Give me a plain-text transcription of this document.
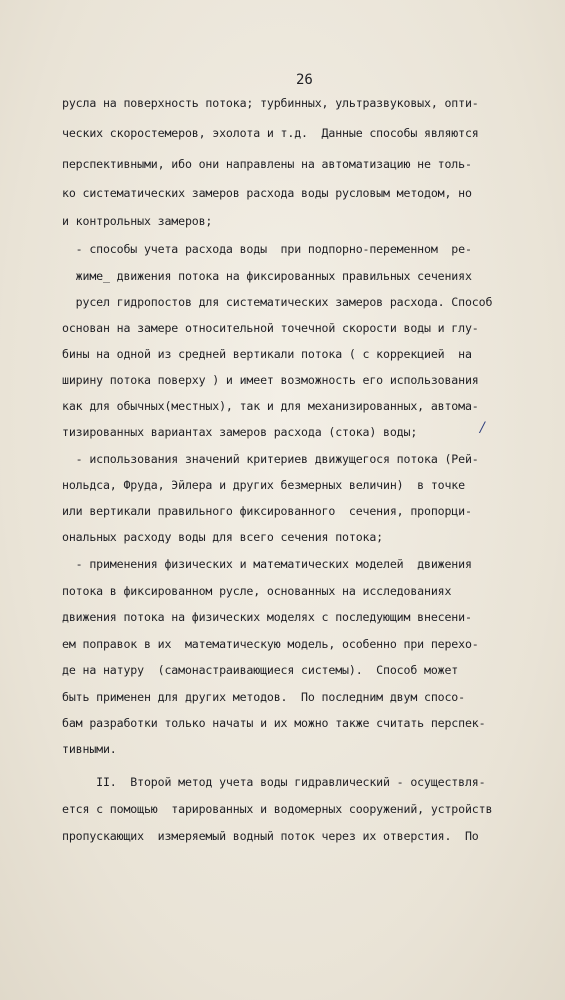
26
русла на поверхность потока; турбинных, ультразвуковых, опти-
ческих скоростемеров, эхолота и т.д.  Данные способы являются
перспективными, ибо они направлены на автоматизацию не толь-
ко систематических замеров расхода воды русловым методом, но
и контрольных замеров;
- способы учета расхода воды  при подпорно-переменном  ре-
жиме_ движения потока на фиксированных правильных сечениях
русел гидропостов для систематических замеров расхода. Способ
основан на замере относительной точечной скорости воды и глу-
бины на одной из средней вертикали потока ( с коррекцией  на
ширину потока поверху ) и имеет возможность его использования
как для обычных(местных), так и для механизированных, автома-
тизированных вариантах замеров расхода (стока) воды;
- использования значений критериев движущегося потока (Рей-
нольдса, Фруда, Эйлера и других безмерных величин)  в точке
или вертикали правильного фиксированного  сечения, пропорци-
ональных расходу воды для всего сечения потока;
- применения физических и математических моделей  движения
потока в фиксированном русле, основанных на исследованиях
движения потока на физических моделях с последующим внесени-
ем поправок в их  математическую модель, особенно при перехо-
де на натуру  (самонастраивающиеся системы).  Способ может
быть применен для других методов.  По последним двум спосо-
бам разработки только начаты и их можно также считать перспек-
тивными.
II.  Второй метод учета воды гидравлический - осуществля-
ется с помощью  тарированных и водомерных сооружений, устройств
пропускающих  измеряемый водный поток через их отверстия.  По
/
